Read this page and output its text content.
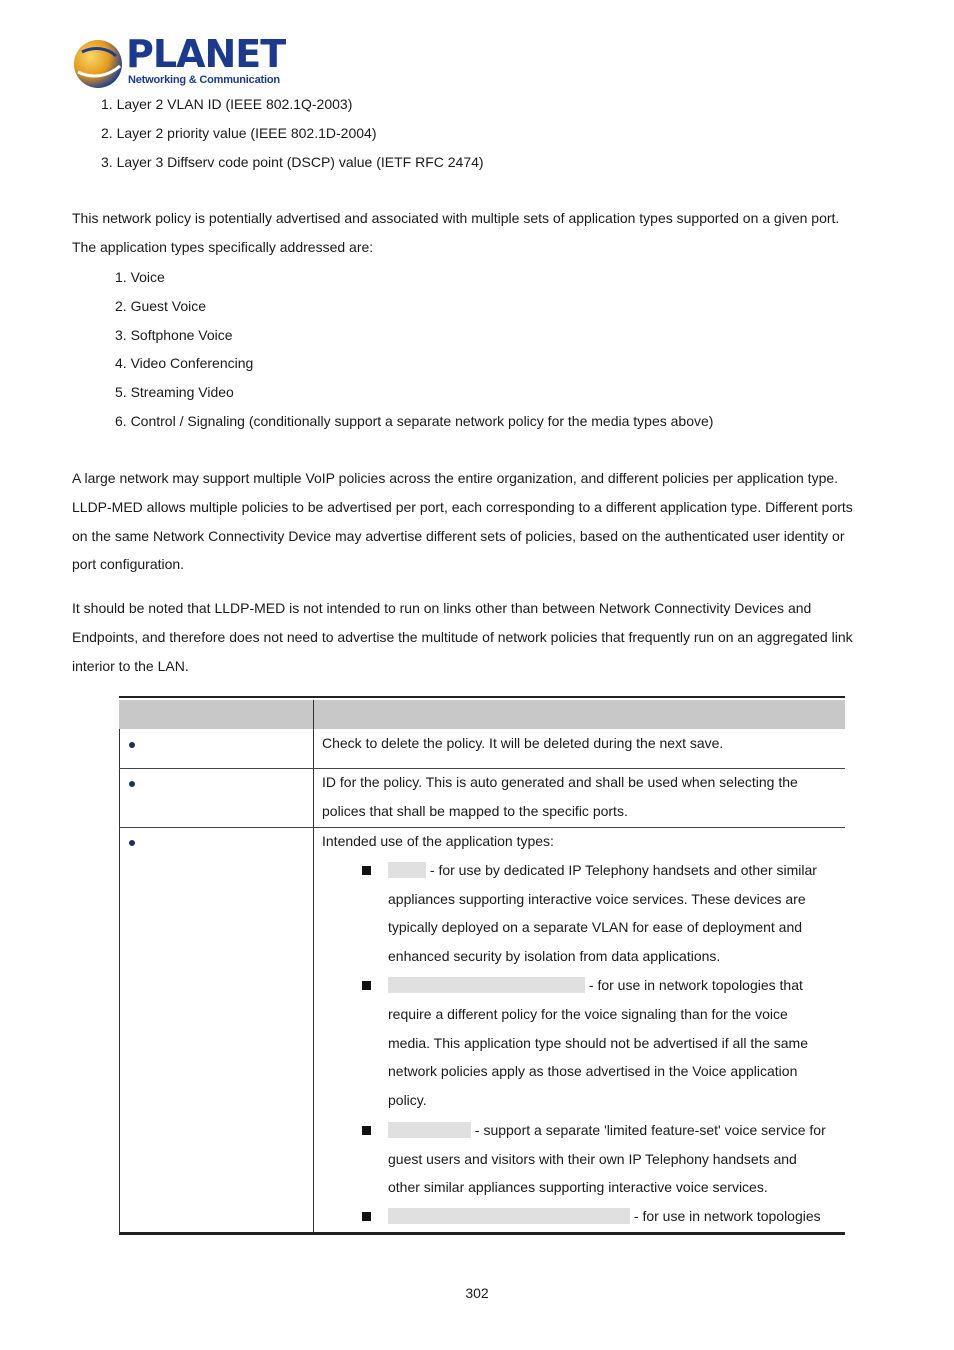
PLANET
Networking & Communication
1. Layer 2 VLAN ID (IEEE 802.1Q-2003)
2. Layer 2 priority value (IEEE 802.1D-2004)
3. Layer 3 Diffserv code point (DSCP) value (IETF RFC 2474)

This network policy is potentially advertised and associated with multiple sets of application types supported on a given port.

The application types specifically addressed are:

1. Voice
2. Guest Voice
3. Softphone Voice
4. Video Conferencing
5. Streaming Video
6. Control / Signaling (conditionally support a separate network policy for the media types above)

A large network may support multiple VoIP policies across the entire organization, and different policies per application type.

LLDP-MED allows multiple policies to be advertised per port, each corresponding to a different application type. Different ports

on the same Network Connectivity Device may advertise different sets of policies, based on the authenticated user identity or

port configuration.

It should be noted that LLDP-MED is not intended to run on links other than between Network Connectivity Devices and

Endpoints, and therefore does not need to advertise the multitude of network policies that frequently run on an aggregated link

interior to the LAN.

Check to delete the policy. It will be deleted during the next save.
ID for the policy. This is auto generated and shall be used when selecting the
polices that shall be mapped to the specific ports.
Intended use of the application types:
- for use by dedicated IP Telephony handsets and other similar
appliances supporting interactive voice services. These devices are
typically deployed on a separate VLAN for ease of deployment and
enhanced security by isolation from data applications.
- for use in network topologies that
require a different policy for the voice signaling than for the voice
media. This application type should not be advertised if all the same
network policies apply as those advertised in the Voice application
policy.
- support a separate 'limited feature-set' voice service for
guest users and visitors with their own IP Telephony handsets and
other similar appliances supporting interactive voice services.
- for use in network topologies
302
